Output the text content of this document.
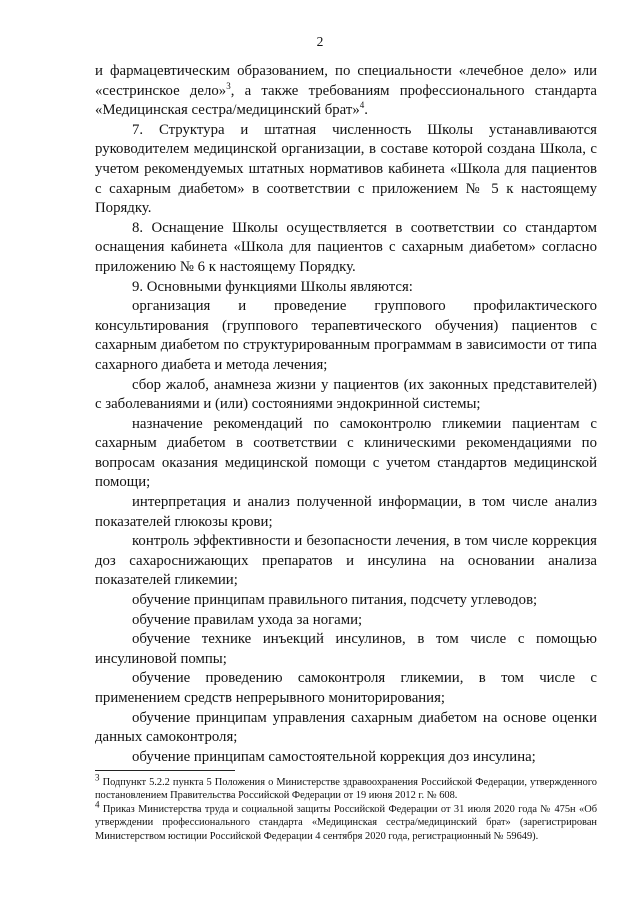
2

и фармацевтическим образованием, по специальности «лечебное дело» или «сестринское дело»$^3$, а также требованиям профессионального стандарта «Медицинская сестра/медицинский брат»$^4$.

7. Структура и штатная численность Школы устанавливаются руководителем медицинской организации, в составе которой создана Школа, с учетом рекомендуемых штатных нормативов кабинета «Школа для пациентов с сахарным диабетом» в соответствии с приложением № 5 к настоящему Порядку.

8. Оснащение Школы осуществляется в соответствии со стандартом оснащения кабинета «Школа для пациентов с сахарным диабетом» согласно приложению № 6 к настоящему Порядку.

9. Основными функциями Школы являются:

организация и проведение группового профилактического консультирования (группового терапевтического обучения) пациентов с сахарным диабетом по структурированным программам в зависимости от типа сахарного диабета и метода лечения;

сбор жалоб, анамнеза жизни у пациентов (их законных представителей) с заболеваниями и (или) состояниями эндокринной системы;

назначение рекомендаций по самоконтролю гликемии пациентам с сахарным диабетом в соответствии с клиническими рекомендациями по вопросам оказания медицинской помощи с учетом стандартов медицинской помощи;

интерпретация и анализ полученной информации, в том числе анализ показателей глюкозы крови;

контроль эффективности и безопасности лечения, в том числе коррекция доз сахароснижающих препаратов и инсулина на основании анализа показателей гликемии;

обучение принципам правильного питания, подсчету углеводов;

обучение правилам ухода за ногами;

обучение технике инъекций инсулинов, в том числе с помощью инсулиновой помпы;

обучение проведению самоконтроля гликемии, в том числе с применением средств непрерывного мониторирования;

обучение принципам управления сахарным диабетом на основе оценки данных самоконтроля;

обучение принципам самостоятельной коррекция доз инсулина;

$^3$ Подпункт 5.2.2 пункта 5 Положения о Министерстве здравоохранения Российской Федерации, утвержденного постановлением Правительства Российской Федерации от 19 июня 2012 г. № 608.

$^4$ Приказ Министерства труда и социальной защиты Российской Федерации от 31 июля 2020 года № 475н «Об утверждении профессионального стандарта «Медицинская сестра/медицинский брат» (зарегистрирован Министерством юстиции Российской Федерации 4 сентября 2020 года, регистрационный № 59649).
